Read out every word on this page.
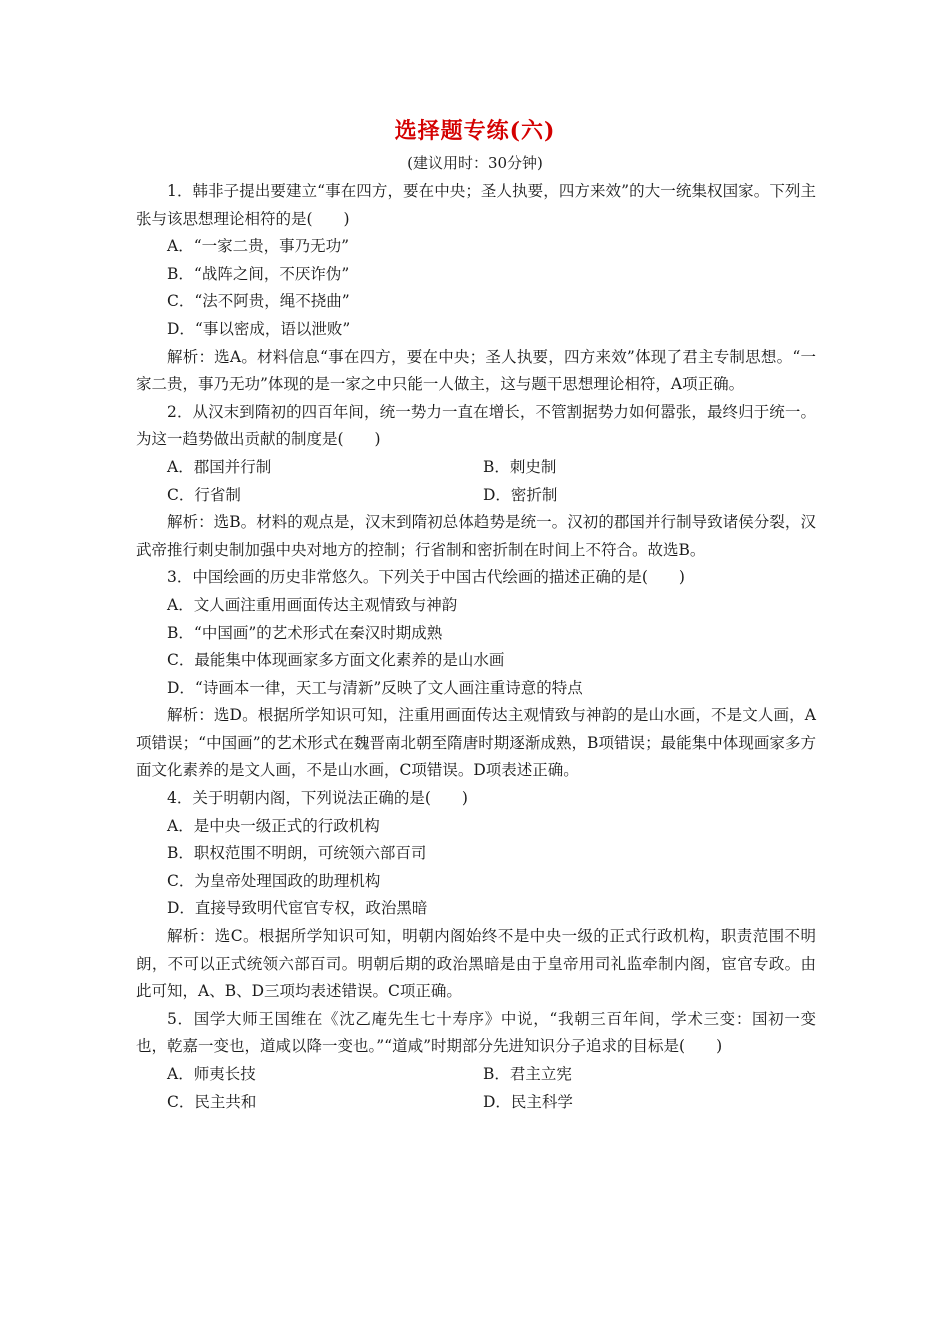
选择题专练(六)
(建议用时：30分钟)

1．韩非子提出要建立“事在四方，要在中央；圣人执要，四方来效”的大一统集权国家。下列主张与该思想理论相符的是(　　)

A．“一家二贵，事乃无功”

B．“战阵之间，不厌诈伪”

C．“法不阿贵，绳不挠曲”

D．“事以密成，语以泄败”

解析：选A。材料信息“事在四方，要在中央；圣人执要，四方来效”体现了君主专制思想。“一家二贵，事乃无功”体现的是一家之中只能一人做主，这与题干思想理论相符，A项正确。

2．从汉末到隋初的四百年间，统一势力一直在增长，不管割据势力如何嚣张，最终归于统一。为这一趋势做出贡献的制度是(　　)

A．郡国并行制	B．刺史制
C．行省制	D．密折制

解析：选B。材料的观点是，汉末到隋初总体趋势是统一。汉初的郡国并行制导致诸侯分裂，汉武帝推行刺史制加强中央对地方的控制；行省制和密折制在时间上不符合。故选B。

3．中国绘画的历史非常悠久。下列关于中国古代绘画的描述正确的是(　　)

A．文人画注重用画面传达主观情致与神韵

B．“中国画”的艺术形式在秦汉时期成熟

C．最能集中体现画家多方面文化素养的是山水画

D．“诗画本一律，天工与清新”反映了文人画注重诗意的特点

解析：选D。根据所学知识可知，注重用画面传达主观情致与神韵的是山水画，不是文人画，A项错误；“中国画”的艺术形式在魏晋南北朝至隋唐时期逐渐成熟，B项错误；最能集中体现画家多方面文化素养的是文人画，不是山水画，C项错误。D项表述正确。

4．关于明朝内阁，下列说法正确的是(　　)

A．是中央一级正式的行政机构

B．职权范围不明朗，可统领六部百司

C．为皇帝处理国政的助理机构

D．直接导致明代宦官专权，政治黑暗

解析：选C。根据所学知识可知，明朝内阁始终不是中央一级的正式行政机构，职责范围不明朗，不可以正式统领六部百司。明朝后期的政治黑暗是由于皇帝用司礼监牵制内阁，宦官专政。由此可知，A、B、D三项均表述错误。C项正确。

5．国学大师王国维在《沈乙庵先生七十寿序》中说，“我朝三百年间，学术三变：国初一变也，乾嘉一变也，道咸以降一变也。”“道咸”时期部分先进知识分子追求的目标是(　　)

A．师夷长技	B．君主立宪
C．民主共和	D．民主科学
